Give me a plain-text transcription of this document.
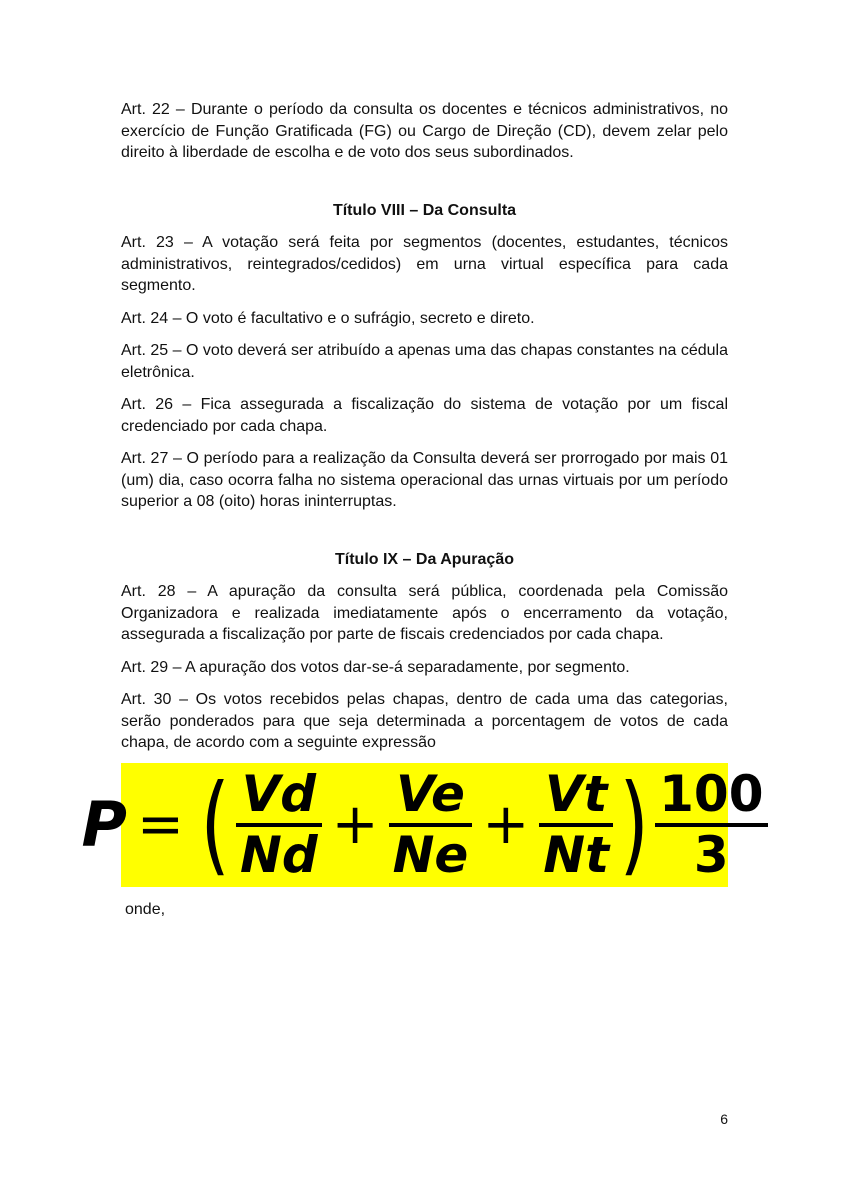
Art. 22 – Durante o período da consulta os docentes e técnicos administrativos, no exercício de Função Gratificada (FG) ou Cargo de Direção (CD), devem zelar pelo direito à liberdade de escolha e de voto dos seus subordinados.

Título VIII – Da Consulta

Art. 23 – A votação será feita por segmentos (docentes, estudantes, técnicos administrativos, reintegrados/cedidos) em urna virtual específica para cada segmento.

Art. 24 – O voto é facultativo e o sufrágio, secreto e direto.

Art. 25 – O voto deverá ser atribuído a apenas uma das chapas constantes na cédula eletrônica.

Art. 26 – Fica assegurada a fiscalização do sistema de votação por um fiscal credenciado por cada chapa.

Art. 27 – O período para a realização da Consulta deverá ser prorrogado por mais 01 (um) dia, caso ocorra falha no sistema operacional das urnas virtuais por um período superior a 08 (oito) horas ininterruptas.

Título IX – Da Apuração

Art. 28 – A apuração da consulta será pública, coordenada pela Comissão Organizadora e realizada imediatamente após o encerramento da votação, assegurada a fiscalização por parte de fiscais credenciados por cada chapa.

Art. 29 – A apuração dos votos dar-se-á separadamente, por segmento.

Art. 30 – Os votos recebidos pelas chapas, dentro de cada uma das categorias, serão ponderados para que seja determinada a porcentagem de votos de cada chapa, de acordo com a seguinte expressão

P = ( $\frac{Vd}{Nd} + \frac{Ve}{Ne} + \frac{Vt}{Nt}$ ) $\frac{100}{3}$
onde,
6
